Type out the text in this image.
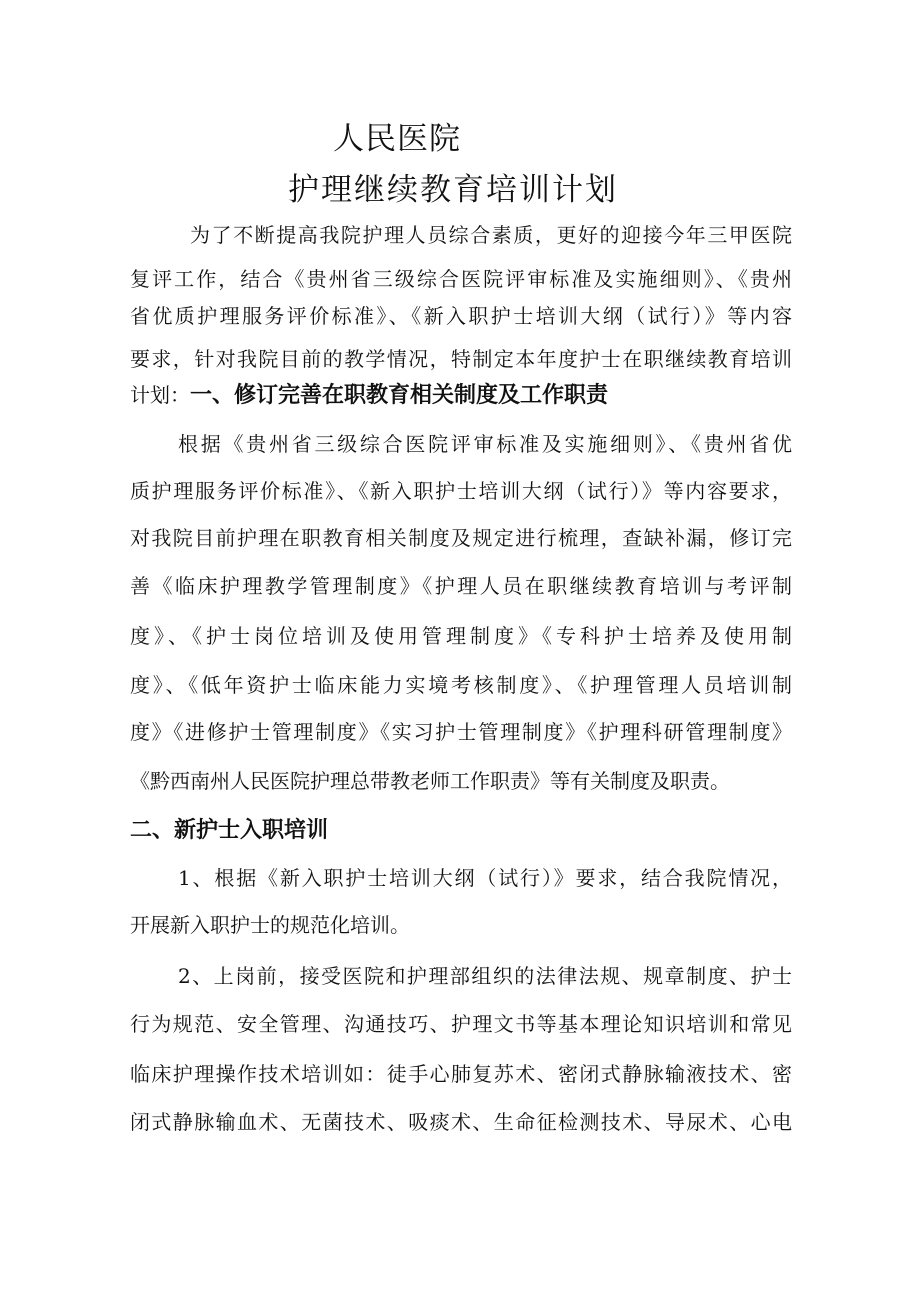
人民医院
护理继续教育培训计划
为了不断提高我院护理人员综合素质，更好的迎接今年三甲医院
复评工作，结合《贵州省三级综合医院评审标准及实施细则》、《贵州
省优质护理服务评价标准》、《新入职护士培训大纲（试行）》等内容
要求，针对我院目前的教学情况，特制定本年度护士在职继续教育培训
计划：一、修订完善在职教育相关制度及工作职责
根据《贵州省三级综合医院评审标准及实施细则》、《贵州省优
质护理服务评价标准》、《新入职护士培训大纲（试行）》等内容要求，
对我院目前护理在职教育相关制度及规定进行梳理，查缺补漏，修订完
善《临床护理教学管理制度》《护理人员在职继续教育培训与考评制
度》、《护士岗位培训及使用管理制度》《专科护士培养及使用制
度》、《低年资护士临床能力实境考核制度》、《护理管理人员培训制
度》《进修护士管理制度》《实习护士管理制度》《护理科研管理制度》
《黔西南州人民医院护理总带教老师工作职责》等有关制度及职责。
二、新护士入职培训
1、根据《新入职护士培训大纲（试行）》要求，结合我院情况，
开展新入职护士的规范化培训。
2、上岗前，接受医院和护理部组织的法律法规、规章制度、护士
行为规范、安全管理、沟通技巧、护理文书等基本理论知识培训和常见
临床护理操作技术培训如：徒手心肺复苏术、密闭式静脉输液技术、密
闭式静脉输血术、无菌技术、吸痰术、生命征检测技术、导尿术、心电
